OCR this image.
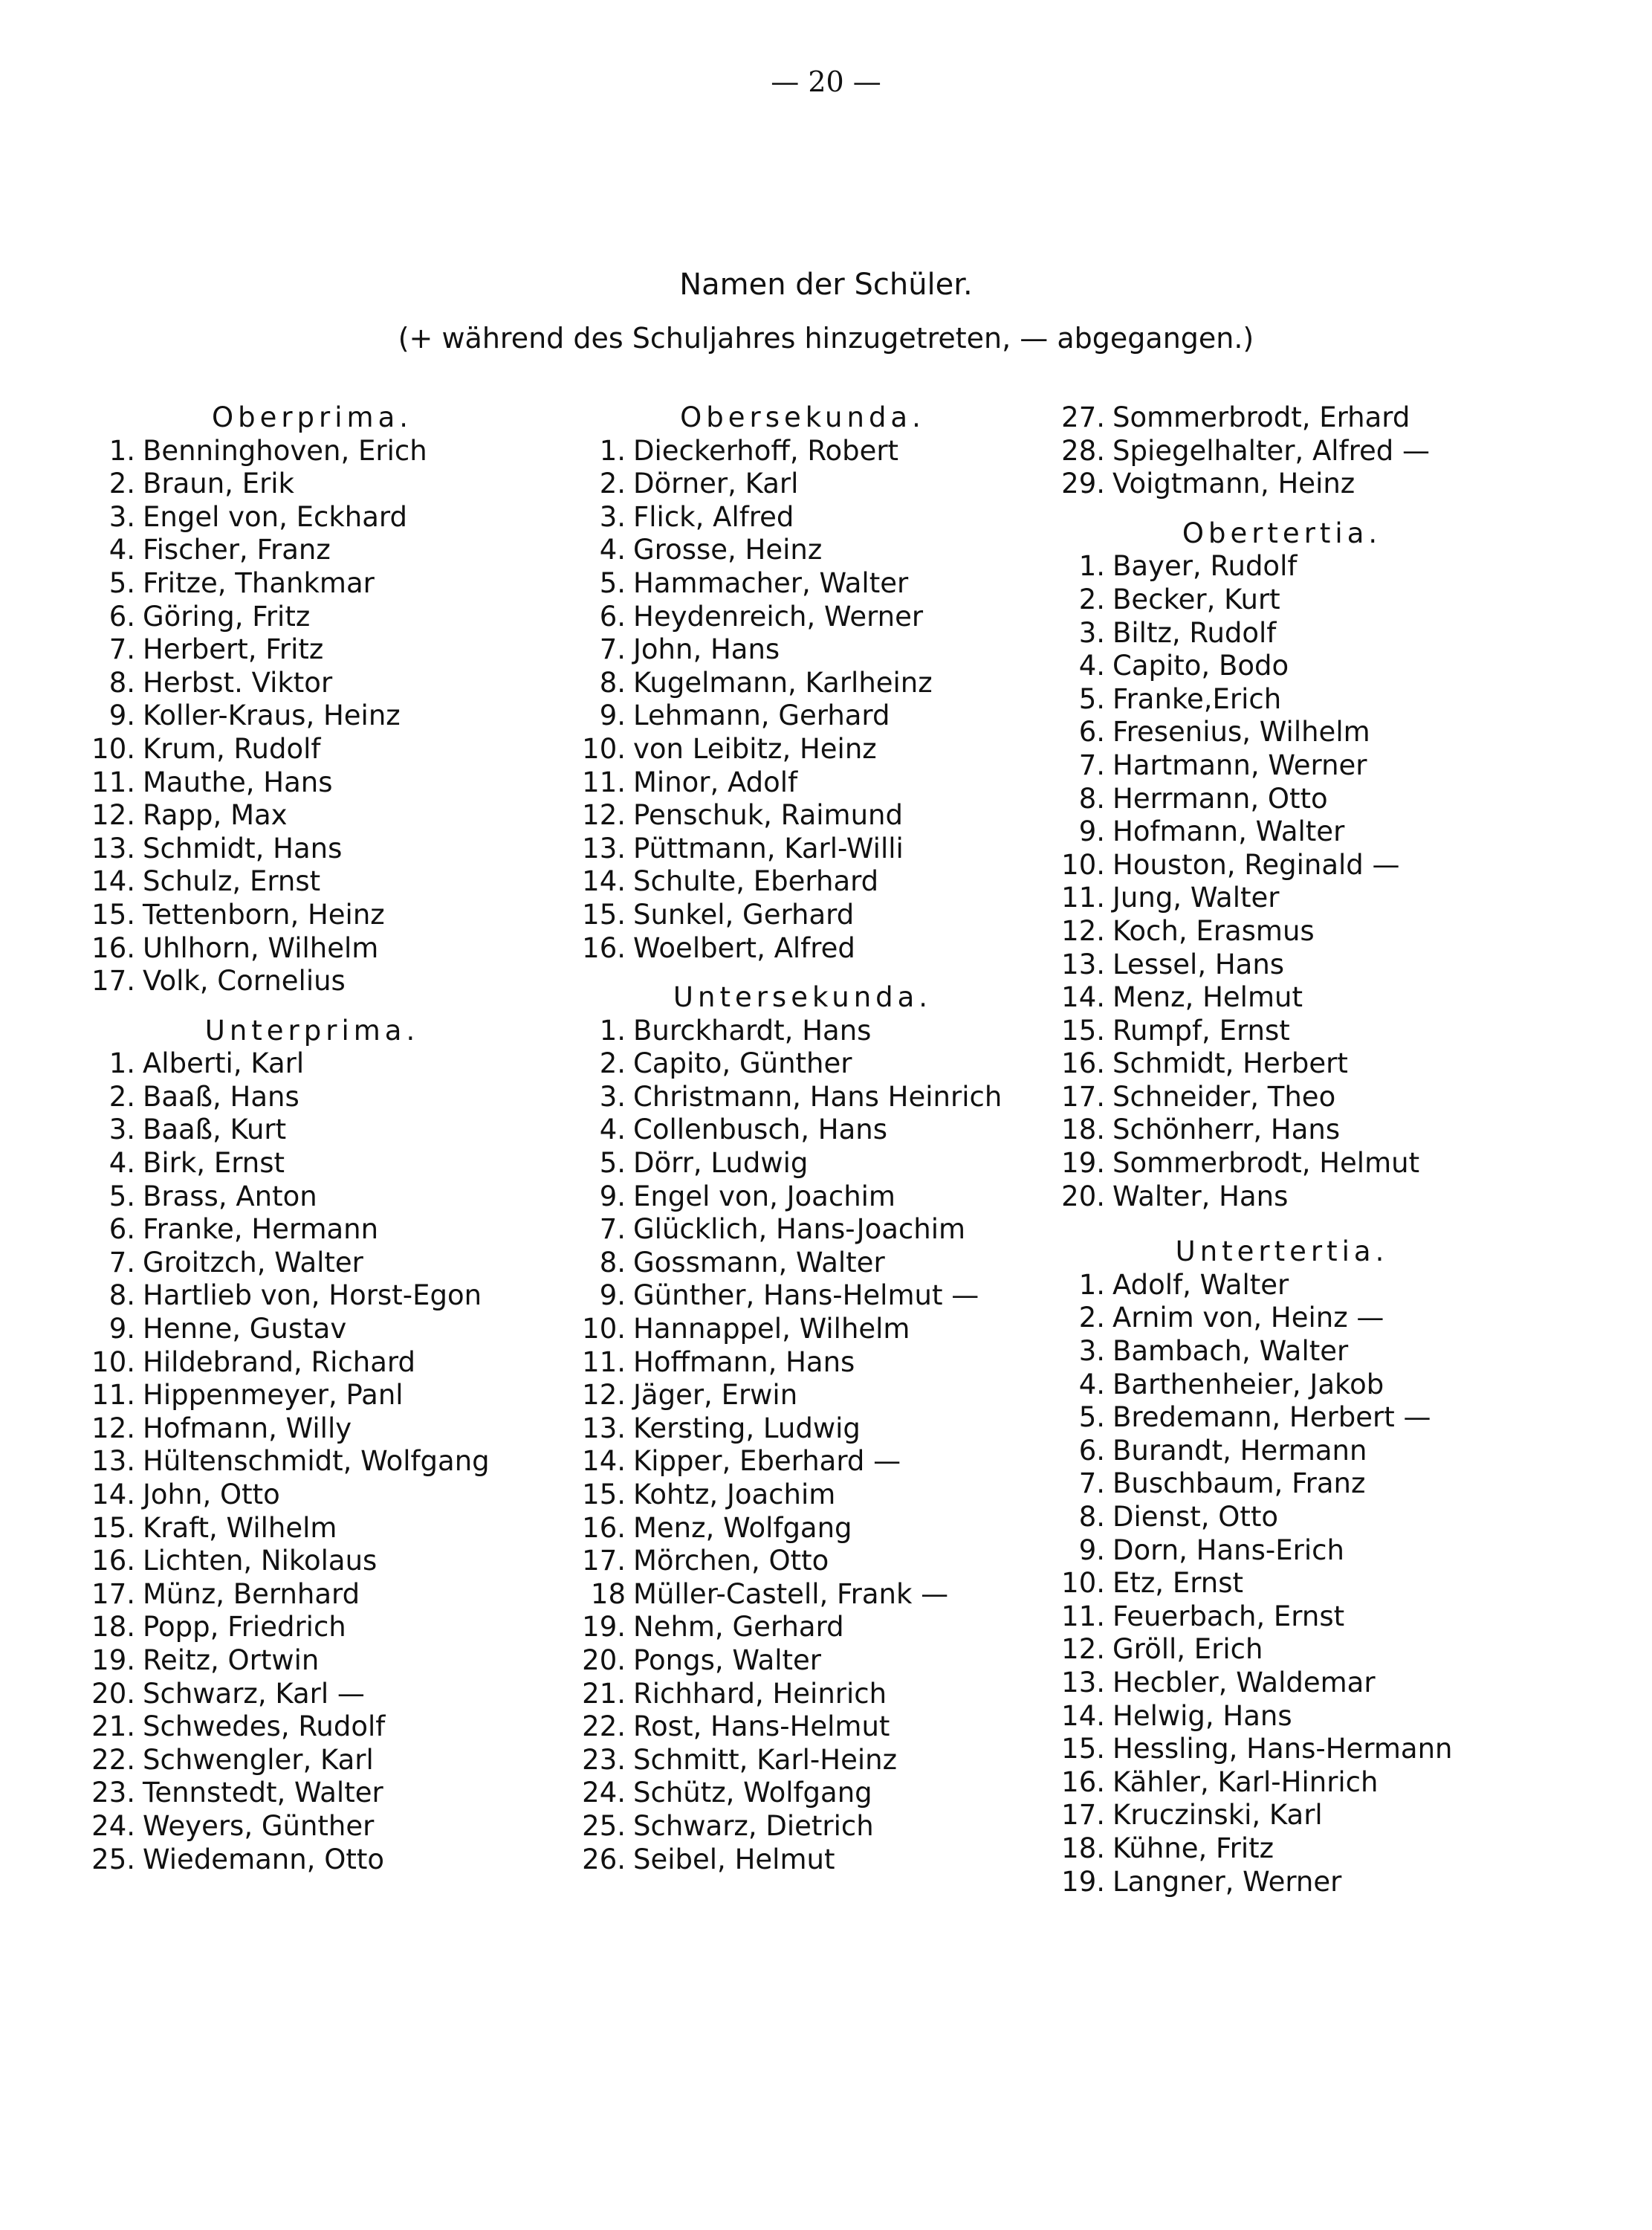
— 20 —
Namen der Schüler.
(+ während des Schuljahres hinzugetreten, — abgegangen.)
Oberprima.
1. Benninghoven, Erich
2. Braun, Erik
3. Engel von, Eckhard
4. Fischer, Franz
5. Fritze, Thankmar
6. Göring, Fritz
7. Herbert, Fritz
8. Herbst. Viktor
9. Koller-Kraus, Heinz
10. Krum, Rudolf
11. Mauthe, Hans
12. Rapp, Max
13. Schmidt, Hans
14. Schulz, Ernst
15. Tettenborn, Heinz
16. Uhlhorn, Wilhelm
17. Volk, Cornelius
Unterprima.
1. Alberti, Karl
2. Baaß, Hans
3. Baaß, Kurt
4. Birk, Ernst
5. Brass, Anton
6. Franke, Hermann
7. Groitzch, Walter
8. Hartlieb von, Horst-Egon
9. Henne, Gustav
10. Hildebrand, Richard
11. Hippenmeyer, Panl
12. Hofmann, Willy
13. Hültenschmidt, Wolfgang
14. John, Otto
15. Kraft, Wilhelm
16. Lichten, Nikolaus
17. Münz, Bernhard
18. Popp, Friedrich
19. Reitz, Ortwin
20. Schwarz, Karl —
21. Schwedes, Rudolf
22. Schwengler, Karl
23. Tennstedt, Walter
24. Weyers, Günther
25. Wiedemann, Otto
Obersekunda.
1. Dieckerhoff, Robert
2. Dörner, Karl
3. Flick, Alfred
4. Grosse, Heinz
5. Hammacher, Walter
6. Heydenreich, Werner
7. John, Hans
8. Kugelmann, Karlheinz
9. Lehmann, Gerhard
10. von Leibitz, Heinz
11. Minor, Adolf
12. Penschuk, Raimund
13. Püttmann, Karl-Willi
14. Schulte, Eberhard
15. Sunkel, Gerhard
16. Woelbert, Alfred
Untersekunda.
1. Burckhardt, Hans
2. Capito, Günther
3. Christmann, Hans Heinrich
4. Collenbusch, Hans
5. Dörr, Ludwig
9. Engel von, Joachim
7. Glücklich, Hans-Joachim
8. Gossmann, Walter
9. Günther, Hans-Helmut —
10. Hannappel, Wilhelm
11. Hoffmann, Hans
12. Jäger, Erwin
13. Kersting, Ludwig
14. Kipper, Eberhard —
15. Kohtz, Joachim
16. Menz, Wolfgang
17. Mörchen, Otto
18 Müller-Castell, Frank —
19. Nehm, Gerhard
20. Pongs, Walter
21. Richhard, Heinrich
22. Rost, Hans-Helmut
23. Schmitt, Karl-Heinz
24. Schütz, Wolfgang
25. Schwarz, Dietrich
26. Seibel, Helmut
27. Sommerbrodt, Erhard
28. Spiegelhalter, Alfred —
29. Voigtmann, Heinz
Obertertia.
1. Bayer, Rudolf
2. Becker, Kurt
3. Biltz, Rudolf
4. Capito, Bodo
5. Franke,Erich
6. Fresenius, Wilhelm
7. Hartmann, Werner
8. Herrmann, Otto
9. Hofmann, Walter
10. Houston, Reginald —
11. Jung, Walter
12. Koch, Erasmus
13. Lessel, Hans
14. Menz, Helmut
15. Rumpf, Ernst
16. Schmidt, Herbert
17. Schneider, Theo
18. Schönherr, Hans
19. Sommerbrodt, Helmut
20. Walter, Hans
Untertertia.
1. Adolf, Walter
2. Arnim von, Heinz —
3. Bambach, Walter
4. Barthenheier, Jakob
5. Bredemann, Herbert —
6. Burandt, Hermann
7. Buschbaum, Franz
8. Dienst, Otto
9. Dorn, Hans-Erich
10. Etz, Ernst
11. Feuerbach, Ernst
12. Gröll, Erich
13. Hecbler, Waldemar
14. Helwig, Hans
15. Hessling, Hans-Hermann
16. Kähler, Karl-Hinrich
17. Kruczinski, Karl
18. Kühne, Fritz
19. Langner, Werner
